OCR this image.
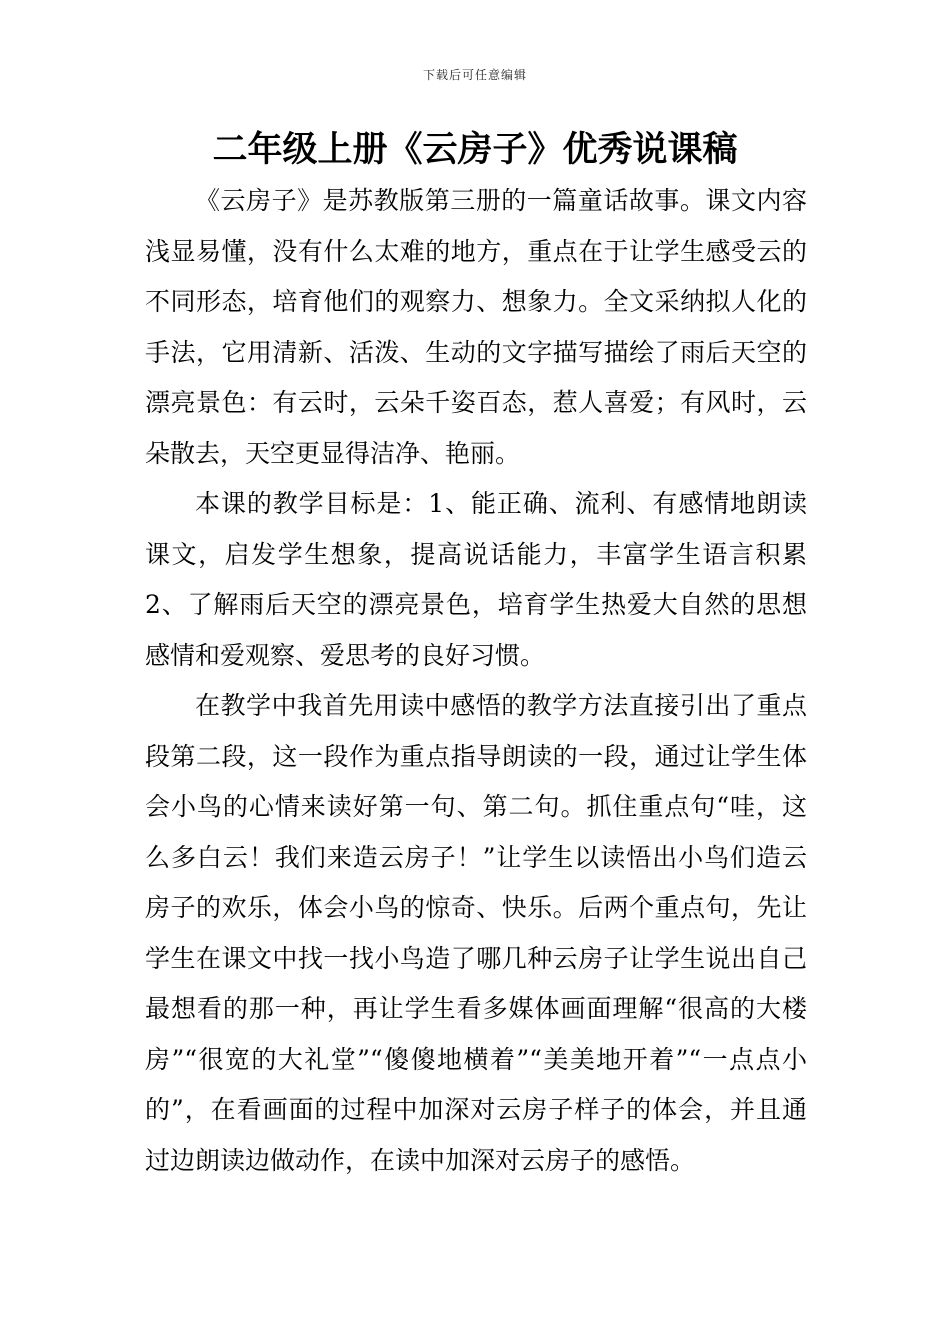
下载后可任意编辑
二年级上册《云房子》优秀说课稿

《云房子》是苏教版第三册的一篇童话故事。课文内容浅显易懂，没有什么太难的地方，重点在于让学生感受云的不同形态，培育他们的观察力、想象力。全文采纳拟人化的手法，它用清新、活泼、生动的文字描写描绘了雨后天空的漂亮景色：有云时，云朵千姿百态，惹人喜爱；有风时，云朵散去，天空更显得洁净、艳丽。

本课的教学目标是：1、能正确、流利、有感情地朗读课文，启发学生想象，提高说话能力，丰富学生语言积累2、了解雨后天空的漂亮景色，培育学生热爱大自然的思想感情和爱观察、爱思考的良好习惯。

在教学中我首先用读中感悟的教学方法直接引出了重点段第二段，这一段作为重点指导朗读的一段，通过让学生体会小鸟的心情来读好第一句、第二句。抓住重点句“哇，这么多白云！我们来造云房子！”让学生以读悟出小鸟们造云房子的欢乐，体会小鸟的惊奇、快乐。后两个重点句，先让学生在课文中找一找小鸟造了哪几种云房子让学生说出自己最想看的那一种，再让学生看多媒体画面理解“很高的大楼房”“很宽的大礼堂”“傻傻地横着”“美美地开着”“一点点小的”，在看画面的过程中加深对云房子样子的体会，并且通过边朗读边做动作，在读中加深对云房子的感悟。
